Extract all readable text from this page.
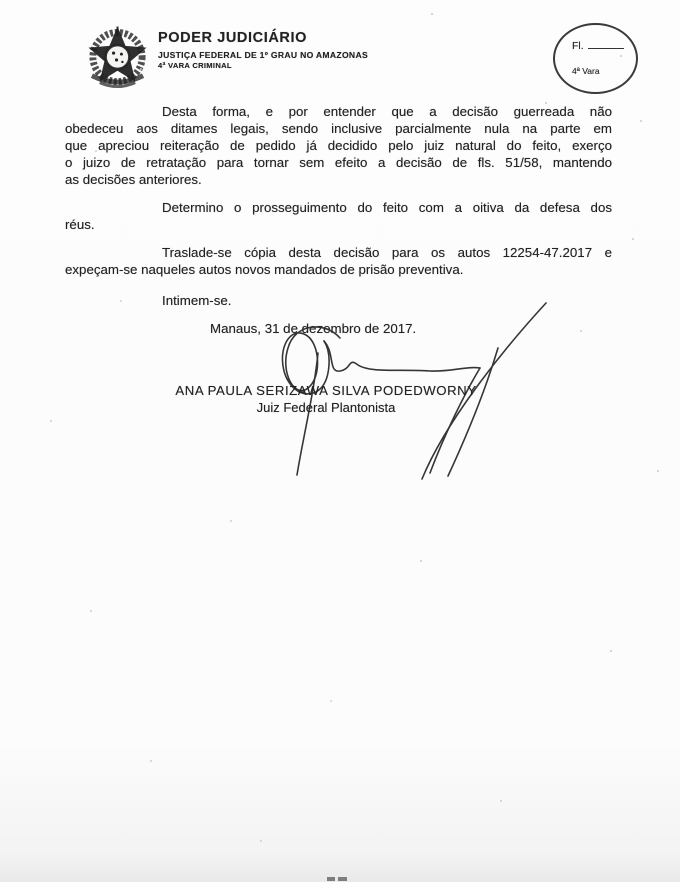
PODER JUDICIÁRIO
JUSTIÇA FEDERAL DE 1º GRAU NO AMAZONAS
4ª VARA CRIMINAL
Fl.
4ª Vara
Desta forma, e por entender que a decisão guerreada não
obedeceu aos ditames legais, sendo inclusive parcialmente nula na parte em
que apreciou reiteração de pedido já decidido pelo juiz natural do feito, exerço
o juizo de retratação para tornar sem efeito a decisão de fls. 51/58, mantendo
as decisões anteriores.
Determino o prosseguimento do feito com a oitiva da defesa dos
réus.
Traslade-se cópia desta decisão para os autos 12254-47.2017 e
expeçam-se naqueles autos novos mandados de prisão preventiva.
Intimem-se.
Manaus, 31 de dezembro de 2017.
ANA PAULA SERIZAWA SILVA PODEDWORNY
Juiz Federal Plantonista
